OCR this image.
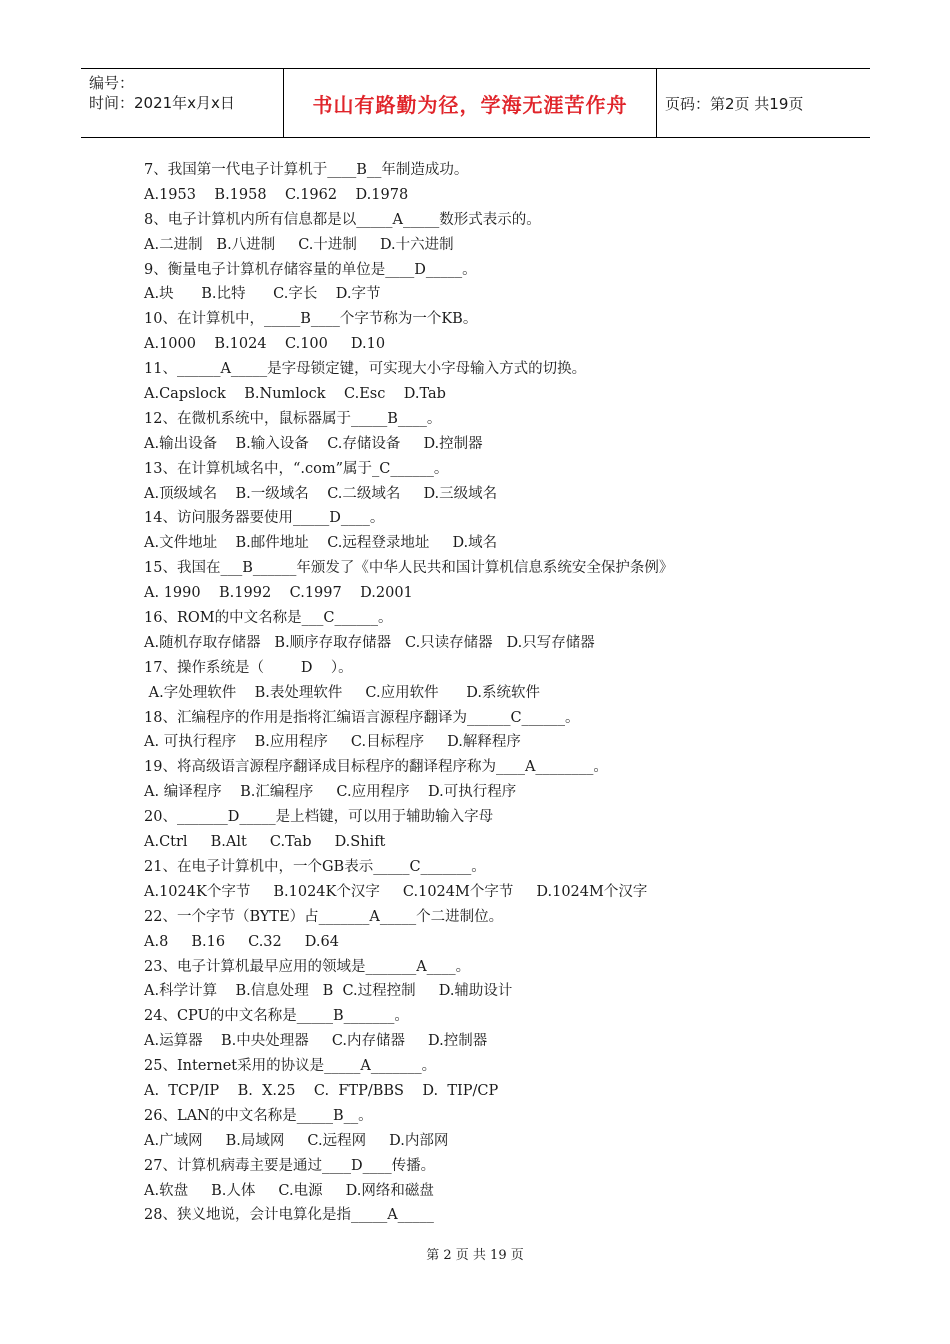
编号：
时间：2021年x月x日	书山有路勤为径，学海无涯苦作舟	页码：第2页 共19页
7、我国第一代电子计算机于____B__年制造成功。
A.1953    B.1958    C.1962    D.1978
8、电子计算机内所有信息都是以_____A_____数形式表示的。
A.二进制   B.八进制     C.十进制     D.十六进制
9、衡量电子计算机存储容量的单位是____D_____。
A.块      B.比特      C.字长    D.字节
10、在计算机中，_____B____个字节称为一个KB。
A.1000    B.1024    C.100     D.10
11、______A_____是字母锁定键，可实现大小字母输入方式的切换。
A.Capslock    B.Numlock    C.Esc    D.Tab
12、在微机系统中，鼠标器属于_____B____。
A.输出设备    B.输入设备    C.存储设备     D.控制器
13、在计算机域名中，“.com”属于_C______。
A.顶级域名    B.一级域名    C.二级域名     D.三级域名
14、访问服务器要使用_____D____。
A.文件地址    B.邮件地址    C.远程登录地址     D.域名
15、我国在___B______年颁发了《中华人民共和国计算机信息系统安全保护条例》
A. 1990    B.1992    C.1997    D.2001
16、ROM的中文名称是___C______。
A.随机存取存储器   B.顺序存取存储器   C.只读存储器   D.只写存储器
17、操作系统是（        D    ）。
A.字处理软件    B.表处理软件     C.应用软件      D.系统软件
18、汇编程序的作用是指将汇编语言源程序翻译为______C______。
A. 可执行程序    B.应用程序     C.目标程序     D.解释程序
19、将高级语言源程序翻译成目标程序的翻译程序称为____A________。
A. 编译程序    B.汇编程序     C.应用程序    D.可执行程序
20、_______D_____是上档键，可以用于辅助输入字母
A.Ctrl     B.Alt     C.Tab     D.Shift
21、在电子计算机中，一个GB表示_____C_______。
A.1024K个字节     B.1024K个汉字     C.1024M个字节     D.1024M个汉字
22、一个字节（BYTE）占_______A_____个二进制位。
A.8     B.16     C.32     D.64
23、电子计算机最早应用的领域是_______A____。
A.科学计算    B.信息处理   B  C.过程控制     D.辅助设计
24、CPU的中文名称是_____B_______。
A.运算器    B.中央处理器     C.内存储器     D.控制器
25、Internet采用的协议是_____A_______。
A.  TCP/IP    B.  X.25    C.  FTP/BBS    D.  TIP/CP
26、LAN的中文名称是_____B__。
A.广域网     B.局域网     C.远程网     D.内部网
27、计算机病毒主要是通过____D____传播。
A.软盘     B.人体     C.电源     D.网络和磁盘
28、狭义地说，会计电算化是指_____A_____
第 2 页 共 19 页
